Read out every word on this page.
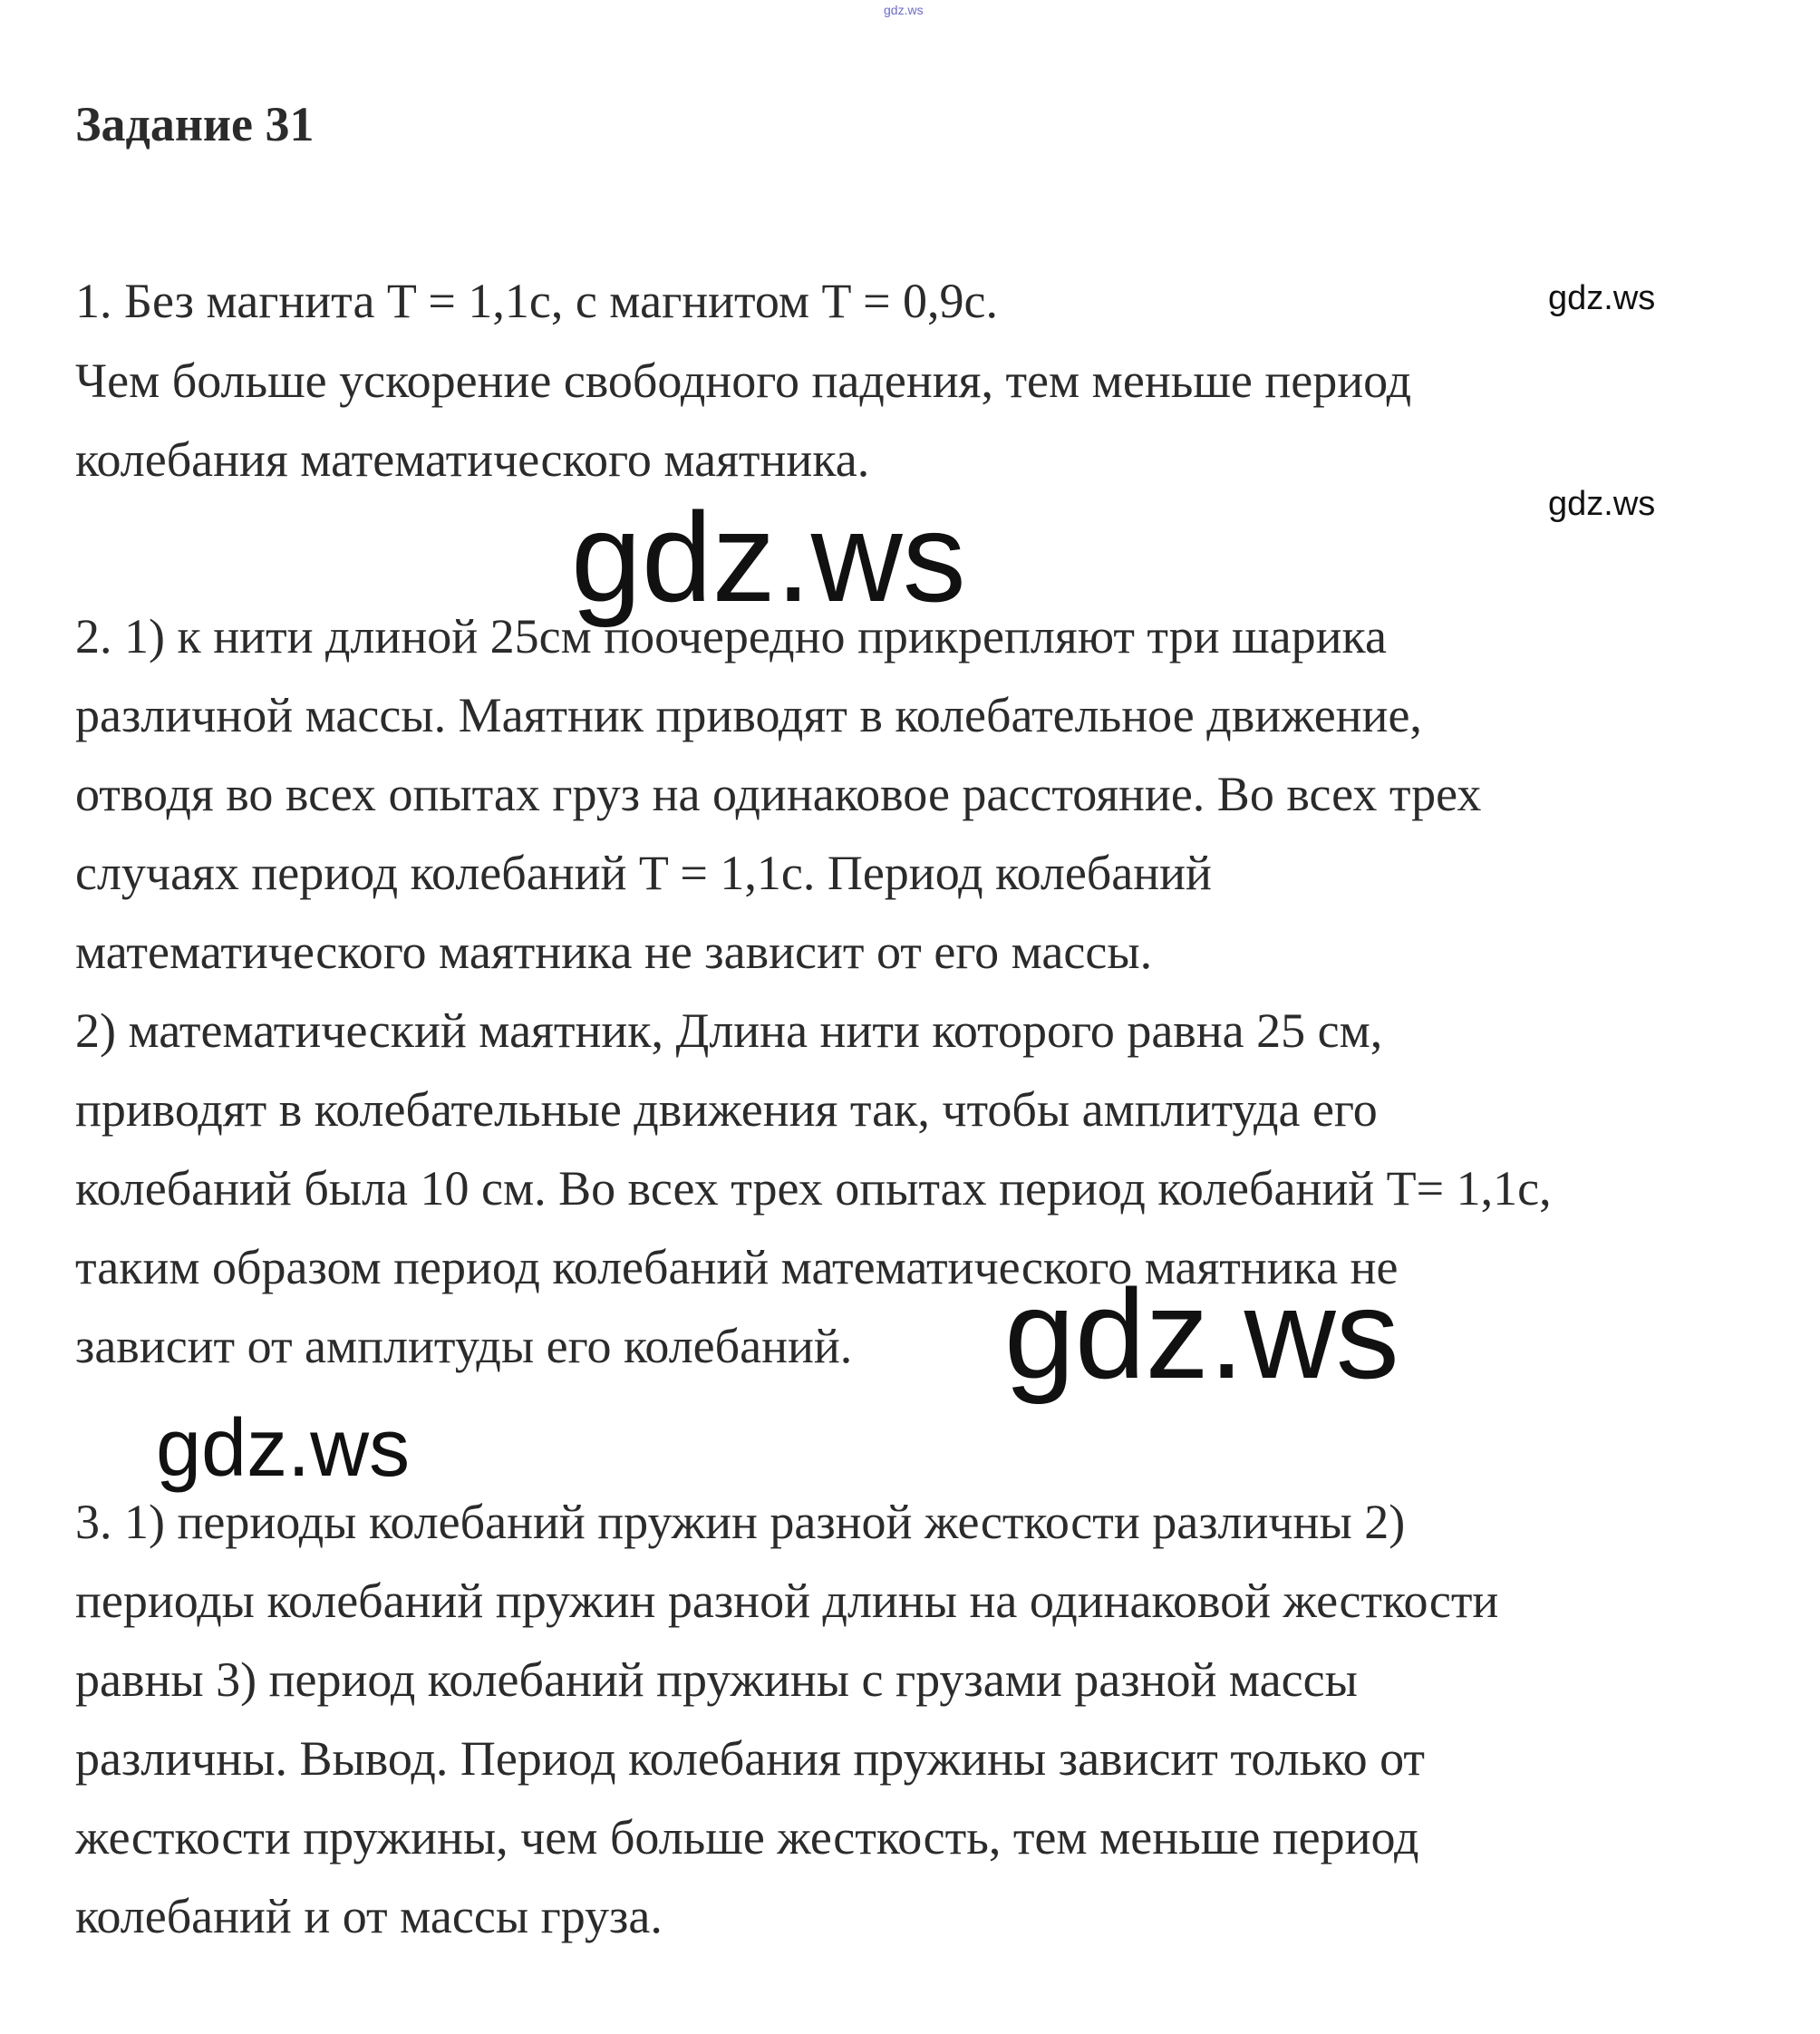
gdz.ws
Задание 31
1. Без магнита T = 1,1c, с магнитом T = 0,9c.
Чем больше ускорение свободного падения, тем меньше период
колебания математического маятника.
2. 1) к нити длиной 25см поочередно прикрепляют три шарика
различной массы. Маятник приводят в колебательное движение,
отводя во всех опытах груз на одинаковое расстояние. Во всех трех
случаях период колебаний T = 1,1c. Период колебаний
математического маятника не зависит от его массы.
2) математический маятник, Длина нити которого равна 25 см,
приводят в колебательные движения так, чтобы амплитуда его
колебаний была 10 см. Во всех трех опытах период колебаний T= 1,1c,
таким образом период колебаний математического маятника не
зависит от амплитуды его колебаний.
3. 1) периоды колебаний пружин разной жесткости различны 2)
периоды колебаний пружин разной длины на одинаковой жесткости
равны 3) период колебаний пружины с грузами разной массы
различны. Вывод. Период колебания пружины зависит только от
жесткости пружины, чем больше жесткость, тем меньше период
колебаний и от массы груза.
gdz.ws
gdz.ws
gdz.ws
gdz.ws
gdz.ws
